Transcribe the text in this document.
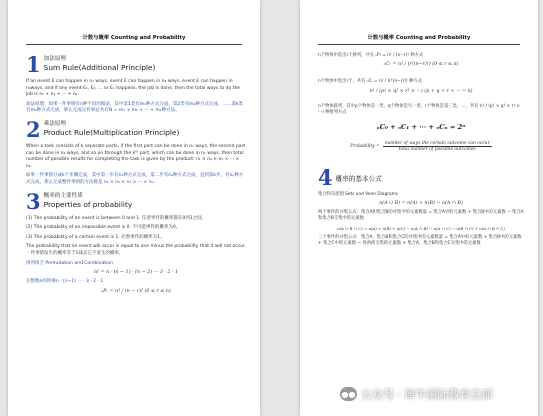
计数与概率 Counting and Probability
1 加法原理
Sum Rule(Additional Principle)

If an event E can happen in n₁ ways, event E can happen in n₂ ways, event E can happen in n₃ways, and if any event E₁, E₂, … or Eₖ happens, the job is done, then the total ways to do the job is n₁ + n₂ + ··· + nₖ.

加法原理：如果一件事情有n种不同的做法，其中第1类有m₁种方式完成，第2类有m₂种方式完成，……第k类有mₖ种方式完成，那么完成这件事总共有N = m₁ + m₂ + ··· + mₖ种方法。

2 乘法原理
Product Rule(Multiplication Principle)

When a task consists of k separate parts, if the first part can be done in n₁ ways, the second part can be done in n₂ ways, and so on through the kᵗʰ part, which can be done in nₖ ways, then total number of possible results for completing the task is given by the product: n₁ × n₂ × n₃ × ··· × nₖ.

如果一件事情分成k个步骤完成，其中第一步有n₁种方式完成，第二步有n₂种方式完成，直到第k步，有nₖ种方式完成，那么完成整件事情的方法数是 n₁ × n₂ × n₃ × ··· × nₖ.

3 概率的主要性质
Properties of probability

(1) The probability of an event is between 0 and 1. 任意事件的概率都在0到1之间。

(2) The probability of an impossible event is 0. 不可能事件的概率为0。

(3) The probability of a certain event is 1. 必然事件的概率为1。

The probability that an event will occur is equal to one minus the probability that it will not occur. 一件事情发生的概率等于1减去它不发生的概率。

排列组合 Permutation and Combination

n! = n · (n − 1) · (n − 2) ··· 3 · 2 · 1

正整数n的阶乘n · (n−1) · · · 3 · 2 · 1

ₙPᵣ = n! / (n − r)! (0 ≤ r ≤ n)
计数与概率 Counting and Probability

n个物体中选出r个排列，共有 ₙPᵣ = n! / (n−r)! 种方式

ₙCᵣ = n! / (r!(n−r)!) (0 ≤ r ≤ n)

n个物体中选出r个，共有 ₙCᵣ = n! / (r!(n−r)!) 种方式

n! / (p! × q! × r! × ···) (p + q + r + ··· = n)

n个物体排列，其中p个物体是一类，q个物体是另一类，r个物体是第三类，…，共有 n! / (p! × q! × r! × ···) 种排列方式

ₙC₀ + ₙC₁ + ··· + ₙCₙ = 2ⁿ
Probability = $\frac{\text{number of ways the certain outcome can occur}}{\text{total number of possible outcomes}}$
4 概率的基本公式

集合和韦恩图 Sets and Venn Diagrams

n(A ∪ B) = n(A) + n(B) − n(A ∩ B)

两个事件的并集公式：集合A和集合B的并集中的元素数量 = 集合A中的元素数 + 集合B中的元素数 − 集合A和集合B交集中的元素数

n(A ∪ B ∪ C) = n(A) + n(B) + n(C) − n(A ∩ B) − n(A ∩ C) − n(B ∩ C) + n(A ∩ B ∩ C)

三个事件的并集公式：集合A、集合B和集合C的并集中的元素数量 = 集合A中的元素数 + 集合B中的元素数 + 集合C中的元素数 − 各两两交集的元素数 + 集合A、集合B和集合C交集中的元素数

●● 公众号 · 犀牛国际教育总部
